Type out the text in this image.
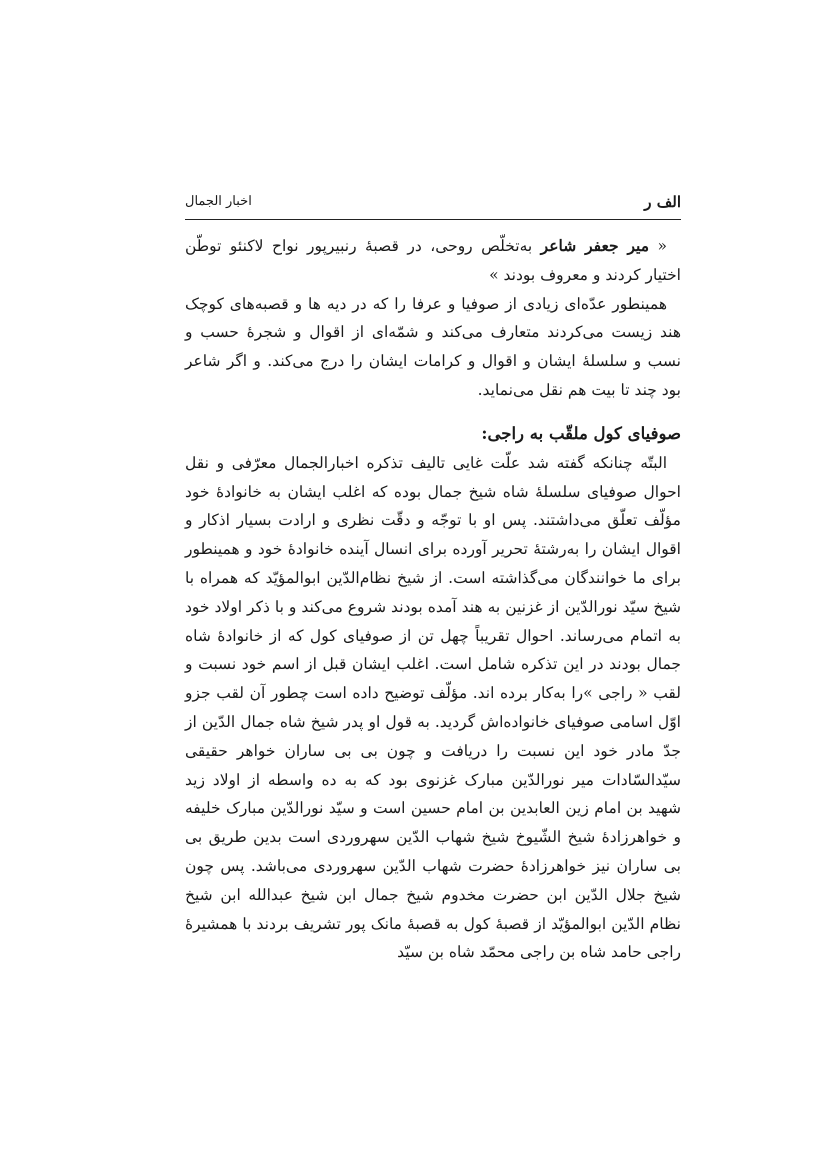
الف ر
اخبار الجمال

« میر جعفر شاعر به‌تخلّص روحی، در قصبهٔ رنبیرپور نواح لاکنئو توطّن اختیار کردند و معروف بودند »

همینطور عدّه‌ای زیادی از صوفیا و عرفا را که در دیه ها و قصبه‌های کوچک هند زیست می‌کردند متعارف می‌کند و شمّه‌ای از اقوال و شجرهٔ حسب و نسب و سلسلهٔ ایشان و اقوال و کرامات ایشان را درج می‌کند. و اگر شاعر بود چند تا بیت هم نقل می‌نماید.

صوفیای کول ملقّب به راجی:

البتّه چنانکه گفته شد علّت غایی تالیف تذکره اخبارالجمال معرّفی و نقل احوال صوفیای سلسلهٔ شاه شیخ جمال بوده که اغلب ایشان به خانوادهٔ خود مؤلّف تعلّق می‌داشتند. پس او با توجّه و دقّت نظری و ارادت بسیار اذکار و اقوال ایشان را به‌رشتهٔ تحریر آورده برای انسال آینده خانوادهٔ خود و همینطور برای ما خوانندگان می‌گذاشته است. از شیخ نظام‌الدّین ابوالمؤیّد که همراه با شیخ سیّد نورالدّین از غزنین به هند آمده بودند شروع می‌کند و با ذکر اولاد خود به اتمام می‌رساند. احوال تقریباً چهل تن از صوفیای کول که از خانوادهٔ شاه جمال بودند در این تذکره شامل است. اغلب ایشان قبل از اسم خود نسبت و لقب « راجی »را به‌کار برده اند. مؤلّف توضیح داده است چطور آن لقب جزو اوّل اسامی صوفیای خانواده‌اش گردید. به قول او پدر شیخ شاه جمال الدّین از جدّ مادر خود این نسبت را دریافت و چون بی بی ساران خواهر حقیقی سیّدالسّادات میر نورالدّین مبارک غزنوی بود که به ده واسطه از اولاد زید شهید بن امام زین العابدین بن امام حسین است و سیّد نورالدّین مبارک خلیفه و خواهرزادهٔ شیخ الشّیوخ شیخ شهاب الدّین سهروردی است بدین طریق بی بی ساران نیز خواهرزادهٔ حضرت شهاب الدّین سهروردی می‌باشد. پس چون شیخ جلال الدّین ابن حضرت مخدوم شیخ جمال ابن شیخ عبدالله ابن شیخ نظام الدّین ابوالمؤیّد از قصبهٔ کول به قصبهٔ مانک پور تشریف بردند با همشیرهٔ راجی حامد شاه بن راجی محمّد شاه بن سیّد
